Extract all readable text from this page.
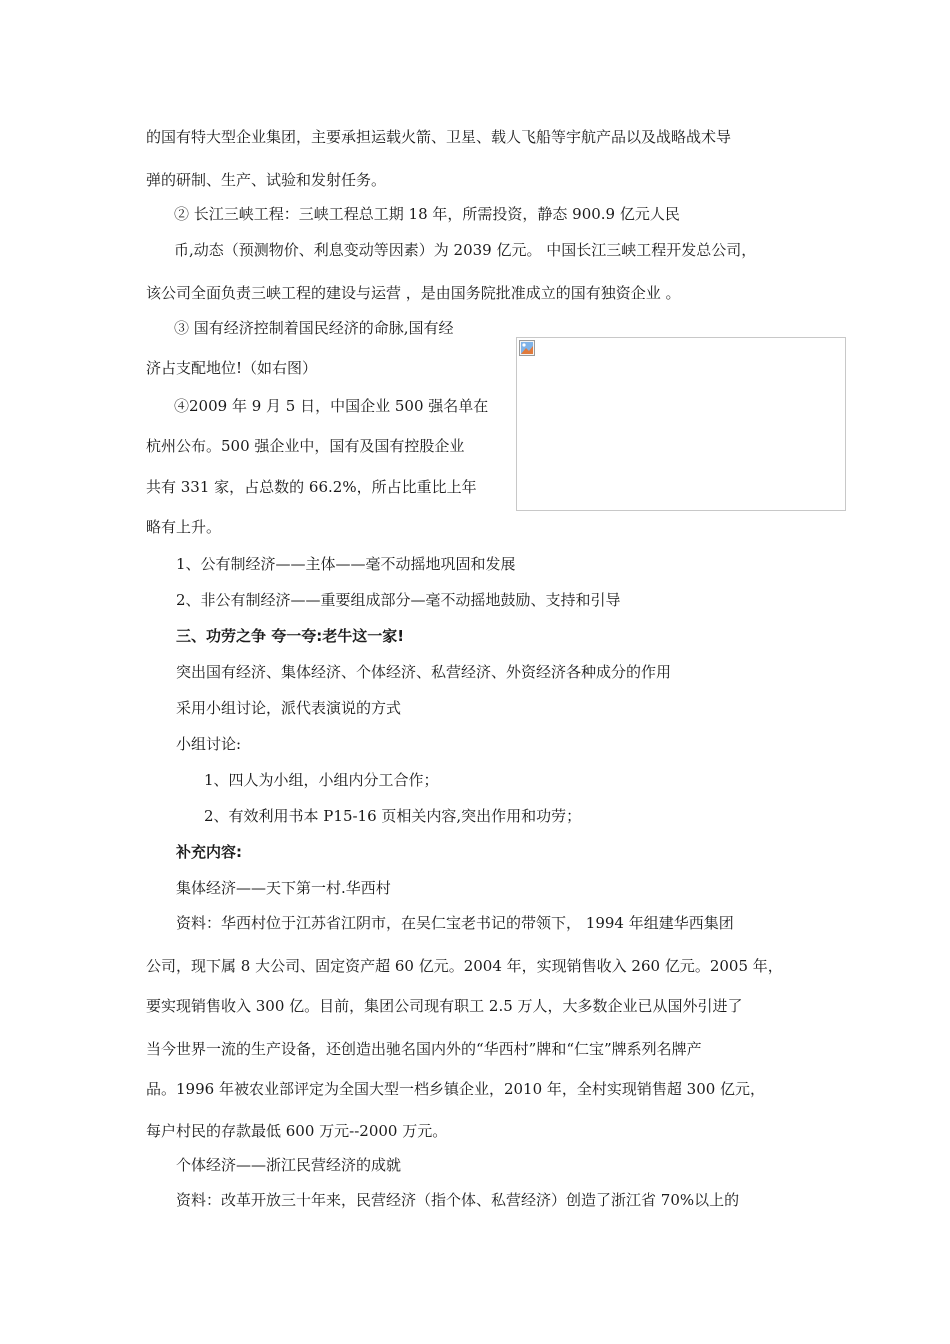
的国有特大型企业集团，主要承担运载火箭、卫星、载人飞船等宇航产品以及战略战术导
弹的研制、生产、试验和发射任务。
② 长江三峡工程：三峡工程总工期 18 年，所需投资，静态 900.9 亿元人民
币,动态（预测物价、利息变动等因素）为 2039 亿元。 中国长江三峡工程开发总公司，
该公司全面负责三峡工程的建设与运营 ，是由国务院批准成立的国有独资企业 。
③ 国有经济控制着国民经济的命脉,国有经
济占支配地位!（如右图）
④2009 年 9 月 5 日，中国企业 500 强名单在
杭州公布。500 强企业中，国有及国有控股企业
共有 331 家，占总数的 66.2%，所占比重比上年
略有上升。
1、公有制经济——主体——毫不动摇地巩固和发展
2、非公有制经济——重要组成部分—毫不动摇地鼓励、支持和引导
三、功劳之争 夸一夸:老牛这一家!
突出国有经济、集体经济、个体经济、私营经济、外资经济各种成分的作用
采用小组讨论，派代表演说的方式
小组讨论:
1、四人为小组，小组内分工合作；
2、有效利用书本 P15-16 页相关内容,突出作用和功劳；
补充内容:
集体经济——天下第一村.华西村
资料：华西村位于江苏省江阴市，在吴仁宝老书记的带领下， 1994 年组建华西集团
公司，现下属 8 大公司、固定资产超 60 亿元。2004 年，实现销售收入 260 亿元。2005 年，
要实现销售收入 300 亿。目前，集团公司现有职工 2.5 万人，大多数企业已从国外引进了
当今世界一流的生产设备，还创造出驰名国内外的“华西村”牌和“仁宝”牌系列名牌产
品。1996 年被农业部评定为全国大型一档乡镇企业，2010 年，全村实现销售超 300 亿元，
每户村民的存款最低 600 万元--2000 万元。
个体经济——浙江民营经济的成就
资料：改革开放三十年来，民营经济（指个体、私营经济）创造了浙江省 70%以上的
